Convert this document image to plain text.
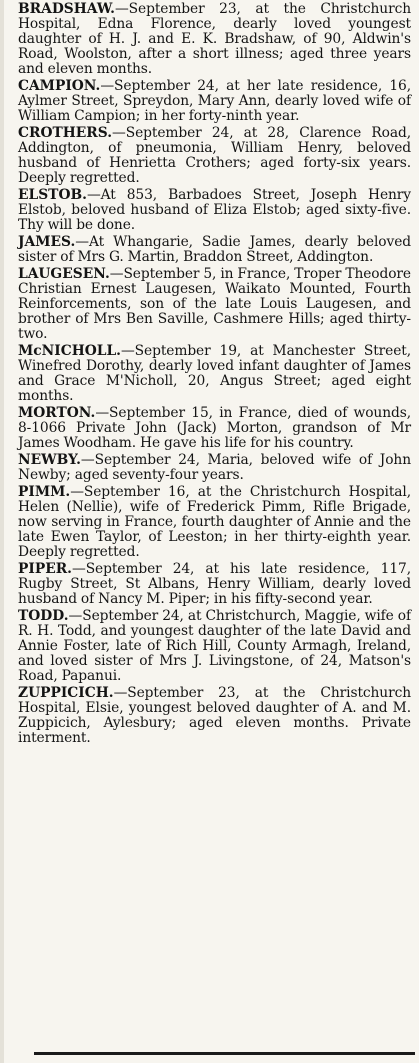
BRADSHAW.—September 23, at the Christchurch Hospital, Edna Florence, dearly loved youngest daughter of H. J. and E. K. Bradshaw, of 90, Aldwin's Road, Woolston, after a short illness; aged three years and eleven months.

CAMPION.—September 24, at her late residence, 16, Aylmer Street, Spreydon, Mary Ann, dearly loved wife of William Campion; in her forty-ninth year.

CROTHERS.—September 24, at 28, Clarence Road, Addington, of pneumonia, William Henry, beloved husband of Henrietta Crothers; aged forty-six years. Deeply regretted.

ELSTOB.—At 853, Barbadoes Street, Joseph Henry Elstob, beloved husband of Eliza Elstob; aged sixty-five. Thy will be done.

JAMES.—At Whangarie, Sadie James, dearly beloved sister of Mrs G. Martin, Braddon Street, Addington.

LAUGESEN.—September 5, in France, Troper Theodore Christian Ernest Laugesen, Waikato Mounted, Fourth Reinforcements, son of the late Louis Laugesen, and brother of Mrs Ben Saville, Cashmere Hills; aged thirty-two.

McNICHOLL.—September 19, at Manchester Street, Winefred Dorothy, dearly loved infant daughter of James and Grace M'Nicholl, 20, Angus Street; aged eight months.

MORTON.—September 15, in France, died of wounds, 8-1066 Private John (Jack) Morton, grandson of Mr James Woodham. He gave his life for his country.

NEWBY.—September 24, Maria, beloved wife of John Newby; aged seventy-four years.

PIMM.—September 16, at the Christchurch Hospital, Helen (Nellie), wife of Frederick Pimm, Rifle Brigade, now serving in France, fourth daughter of Annie and the late Ewen Taylor, of Leeston; in her thirty-eighth year. Deeply regretted.

PIPER.—September 24, at his late residence, 117, Rugby Street, St Albans, Henry William, dearly loved husband of Nancy M. Piper; in his fifty-second year.

TODD.—September 24, at Christchurch, Maggie, wife of R. H. Todd, and youngest daughter of the late David and Annie Foster, late of Rich Hill, County Armagh, Ireland, and loved sister of Mrs J. Livingstone, of 24, Matson's Road, Papanui.

ZUPPICICH.—September 23, at the Christchurch Hospital, Elsie, youngest beloved daughter of A. and M. Zuppicich, Aylesbury; aged eleven months. Private interment.
